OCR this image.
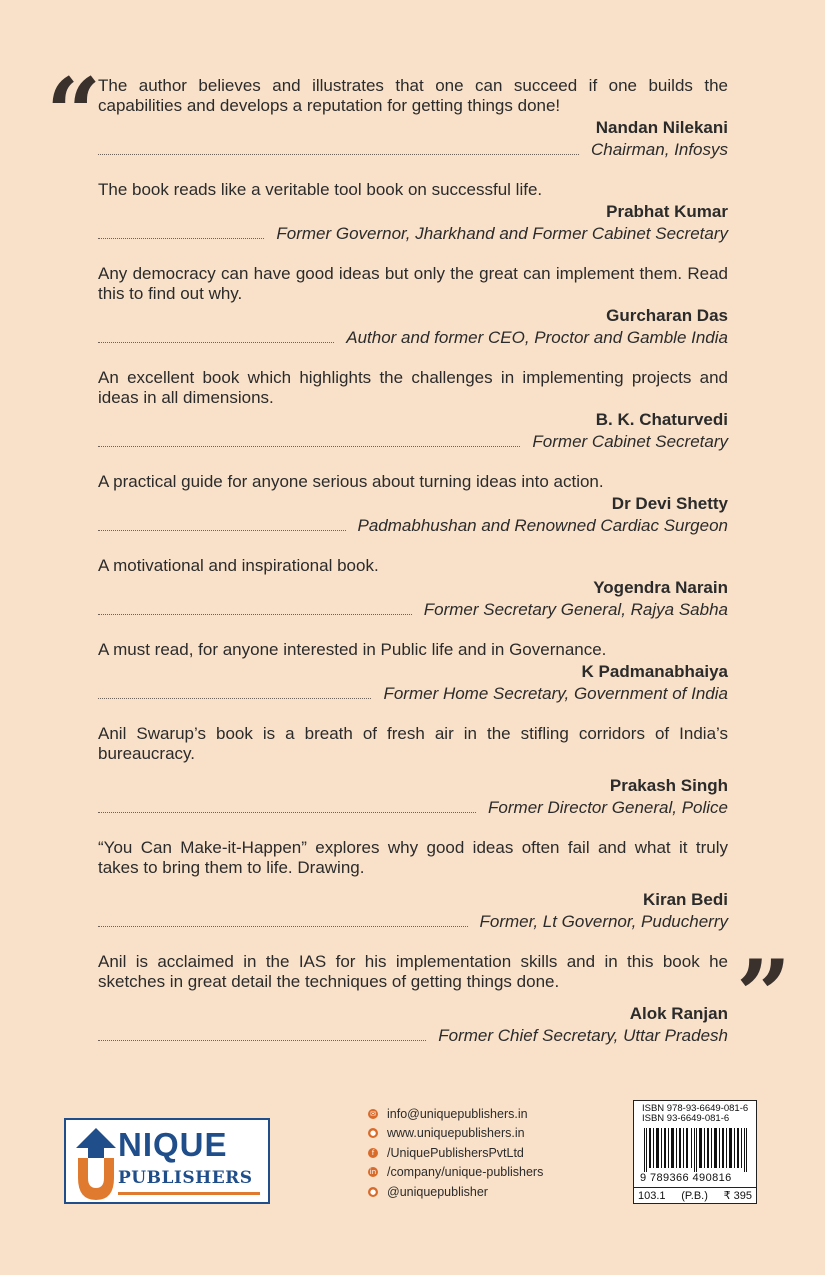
“

The author believes and illustrates that one can succeed if one builds the capabilities and develops a reputation for getting things done!

Nandan Nilekani
Chairman, Infosys

The book reads like a veritable tool book on successful life.

Prabhat Kumar
Former Governor, Jharkhand and Former Cabinet Secretary

Any democracy can have good ideas but only the great can implement them. Read this to find out why.

Gurcharan Das
Author and former CEO, Proctor and Gamble India

An excellent book which highlights the challenges in implementing projects and ideas in all dimensions.

B. K. Chaturvedi
Former Cabinet Secretary

A practical guide for anyone serious about turning ideas into action.

Dr Devi Shetty
Padmabhushan and Renowned Cardiac Surgeon

A motivational and inspirational book.

Yogendra Narain
Former Secretary General, Rajya Sabha

A must read, for anyone interested in Public life and in Governance.

K Padmanabhaiya
Former Home Secretary, Government of India

Anil Swarup’s book is a breath of fresh air in the stifling corridors of India’s bureaucracy.

Prakash Singh
Former Director General, Police

“You Can Make-it-Happen” explores why good ideas often fail and what it truly takes to bring them to life. Drawing.

Kiran Bedi
Former, Lt Governor, Puducherry

Anil is acclaimed in the IAS for his implementation skills and in this book he sketches in great detail the techniques of getting things done.

Alok Ranjan
Former Chief Secretary, Uttar Pradesh ”
NIQUE
PUBLISHERS
✉ info@uniquepublishers.in
● www.uniquepublishers.in
f	/UniquePublishersPvtLtd
in /company/unique-publishers
● @uniquepublisher
ISBN 978-93-6649-081-6
ISBN 93-6649-081-6
9 789366 490816
103.1 (P.B.) ₹ 395
